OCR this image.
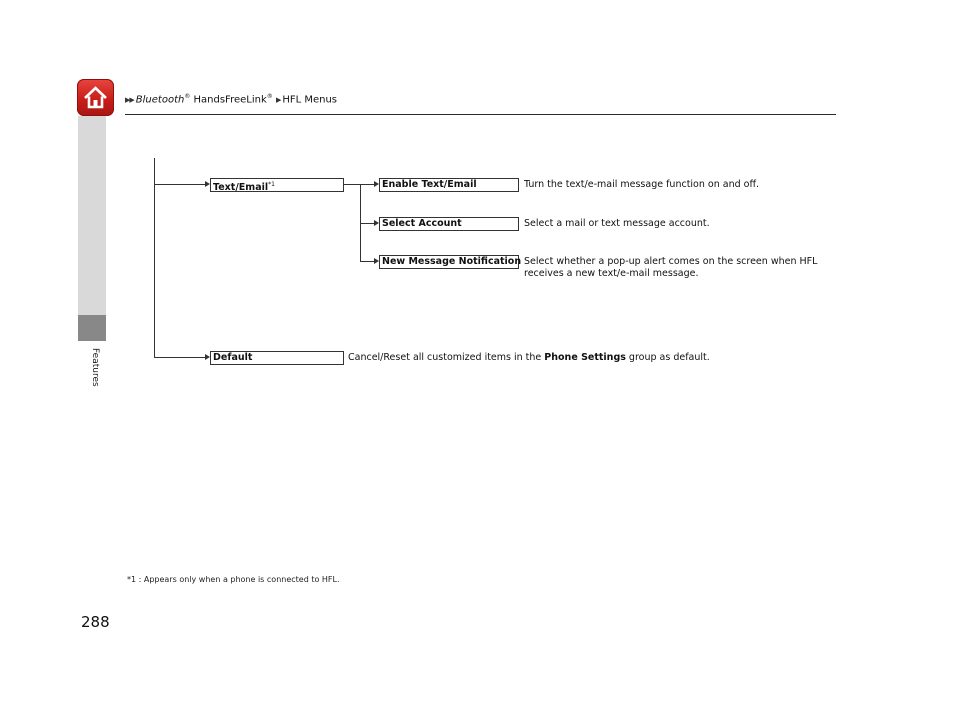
▶▶ Bluetooth® HandsFreeLink® ▶ HFL Menus
Features
Text/Email$^{*1}$	Enable Text/Email	Turn the text/e-mail message function on and off.
Select Account	Select a mail or text message account.
New Message Notification Select whether a pop-up alert comes on the screen when HFL
receives a new text/e-mail message.
Default	Cancel/Reset all customized items in the Phone Settings group as default.
*1 : Appears only when a phone is connected to HFL.
288
